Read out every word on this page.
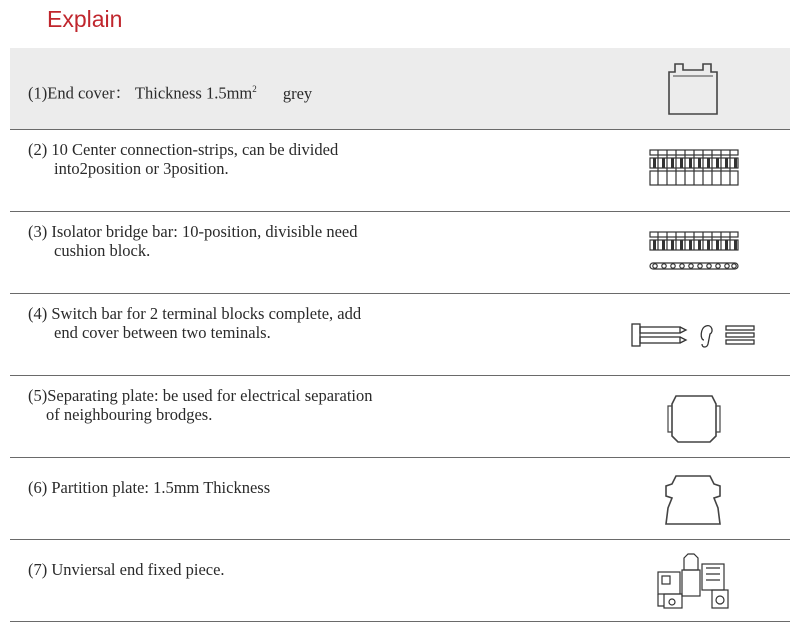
Explain
(1)End cover： Thickness $1.5mm^2$ grey
(2) 10 Center connection-strips, can be divided
into2position or 3position.
(3) Isolator bridge bar: 10-position, divisible need
cushion block.
(4) Switch bar for 2 terminal blocks complete, add
end cover between two teminals.
(5)Separating plate: be used for electrical separation
of neighbouring brodges.
(6) Partition plate: 1.5mm Thickness
(7) Unviersal end fixed piece.
